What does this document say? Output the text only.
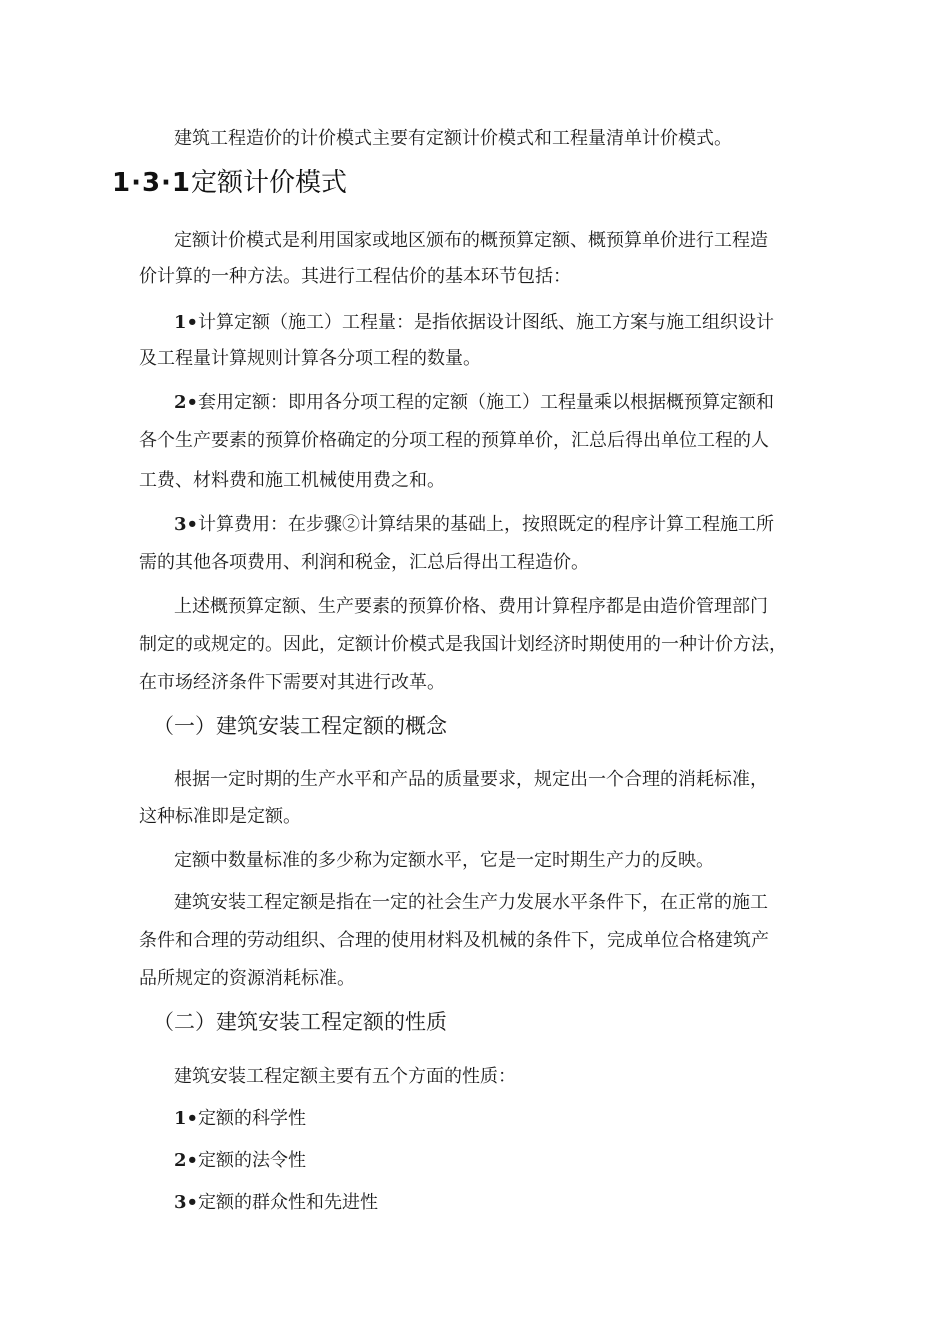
建筑工程造价的计价模式主要有定额计价模式和工程量清单计价模式。
1·3·1定额计价模式
定额计价模式是利用国家或地区颁布的概预算定额、概预算单价进行工程造
价计算的一种方法。其进行工程估价的基本环节包括：
1•计算定额（施工）工程量：是指依据设计图纸、施工方案与施工组织设计
及工程量计算规则计算各分项工程的数量。
2•套用定额：即用各分项工程的定额（施工）工程量乘以根据概预算定额和
各个生产要素的预算价格确定的分项工程的预算单价，汇总后得出单位工程的人
工费、材料费和施工机械使用费之和。
3•计算费用：在步骤②计算结果的基础上，按照既定的程序计算工程施工所
需的其他各项费用、利润和税金，汇总后得出工程造价。
上述概预算定额、生产要素的预算价格、费用计算程序都是由造价管理部门
制定的或规定的。因此，定额计价模式是我国计划经济时期使用的一种计价方法，
在市场经济条件下需要对其进行改革。
（一）建筑安装工程定额的概念
根据一定时期的生产水平和产品的质量要求，规定出一个合理的消耗标准，
这种标准即是定额。
定额中数量标准的多少称为定额水平，它是一定时期生产力的反映。
建筑安装工程定额是指在一定的社会生产力发展水平条件下，在正常的施工
条件和合理的劳动组织、合理的使用材料及机械的条件下，完成单位合格建筑产
品所规定的资源消耗标准。
（二）建筑安装工程定额的性质
建筑安装工程定额主要有五个方面的性质：
1•定额的科学性
2•定额的法令性
3•定额的群众性和先进性
